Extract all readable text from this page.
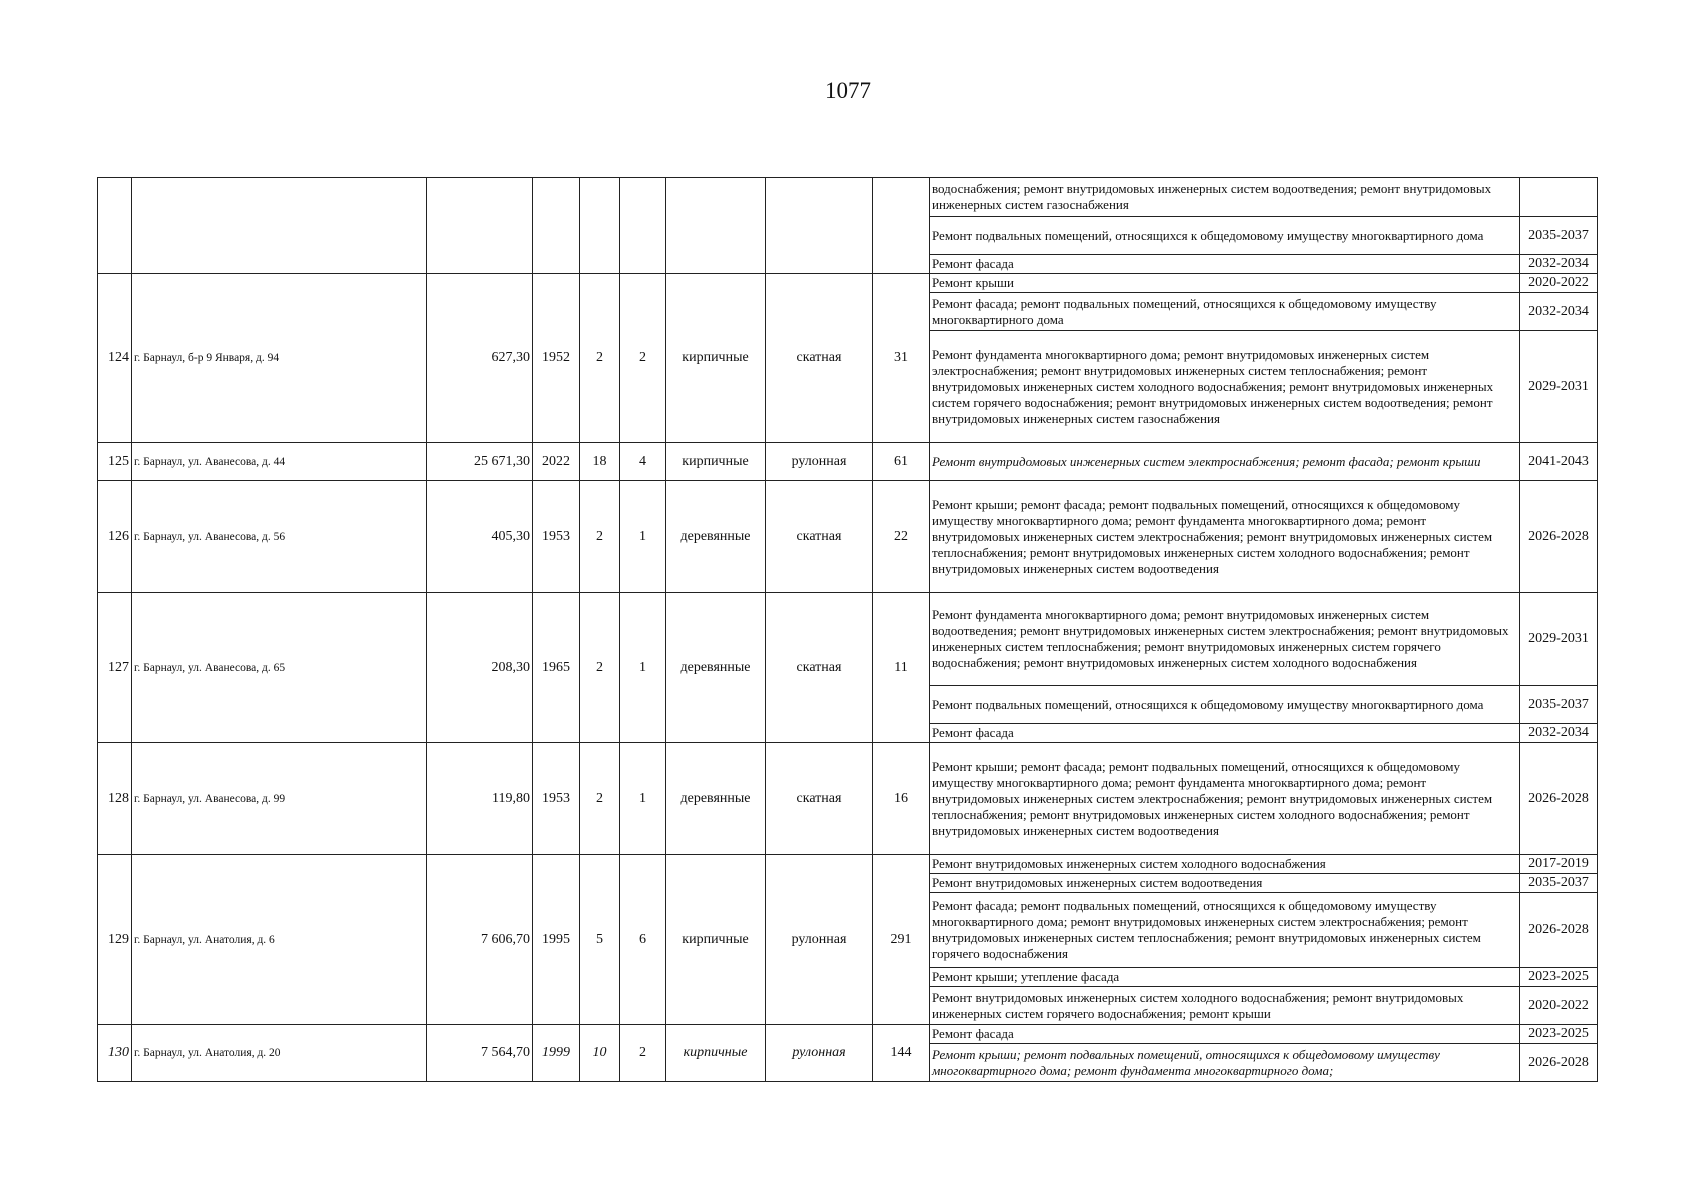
1077
									водоснабжения; ремонт внутридомовых инженерных систем водоотведения; ремонт внутридомовых инженерных систем газоснабжения	
									Ремонт подвальных помещений, относящихся к общедомовому имуществу многоквартирного дома	2035-2037
									Ремонт фасада	2032-2034
124	г. Барнаул, б-р 9 Января, д. 94	627,30	1952	2	2	кирпичные	скатная	31	Ремонт крыши	2020-2022
									Ремонт фасада; ремонт подвальных помещений, относящихся к общедомовому имуществу многоквартирного дома	2032-2034
									Ремонт фундамента многоквартирного дома; ремонт внутридомовых инженерных систем электроснабжения; ремонт внутридомовых инженерных систем теплоснабжения; ремонт внутридомовых инженерных систем холодного водоснабжения; ремонт внутридомовых инженерных систем горячего водоснабжения; ремонт внутридомовых инженерных систем водоотведения; ремонт внутридомовых инженерных систем газоснабжения	2029-2031
125	г. Барнаул, ул. Аванесова, д. 44	25 671,30	2022	18	4	кирпичные	рулонная	61	Ремонт внутридомовых инженерных систем электроснабжения; ремонт фасада; ремонт крыши	2041-2043
126	г. Барнаул, ул. Аванесова, д. 56	405,30	1953	2	1	деревянные	скатная	22	Ремонт крыши; ремонт фасада; ремонт подвальных помещений, относящихся к общедомовому имуществу многоквартирного дома; ремонт фундамента многоквартирного дома; ремонт внутридомовых инженерных систем электроснабжения; ремонт внутридомовых инженерных систем теплоснабжения; ремонт внутридомовых инженерных систем холодного водоснабжения; ремонт внутридомовых инженерных систем водоотведения	2026-2028
127	г. Барнаул, ул. Аванесова, д. 65	208,30	1965	2	1	деревянные	скатная	11	Ремонт фундамента многоквартирного дома; ремонт внутридомовых инженерных систем водоотведения; ремонт внутридомовых инженерных систем электроснабжения; ремонт внутридомовых инженерных систем теплоснабжения; ремонт внутридомовых инженерных систем горячего водоснабжения; ремонт внутридомовых инженерных систем холодного водоснабжения	2029-2031
									Ремонт подвальных помещений, относящихся к общедомовому имуществу многоквартирного дома	2035-2037
									Ремонт фасада	2032-2034
128	г. Барнаул, ул. Аванесова, д. 99	119,80	1953	2	1	деревянные	скатная	16	Ремонт крыши; ремонт фасада; ремонт подвальных помещений, относящихся к общедомовому имуществу многоквартирного дома; ремонт фундамента многоквартирного дома; ремонт внутридомовых инженерных систем электроснабжения; ремонт внутридомовых инженерных систем теплоснабжения; ремонт внутридомовых инженерных систем холодного водоснабжения; ремонт внутридомовых инженерных систем водоотведения	2026-2028
129	г. Барнаул, ул. Анатолия, д. 6	7 606,70	1995	5	6	кирпичные	рулонная	291	Ремонт внутридомовых инженерных систем холодного водоснабжения	2017-2019
									Ремонт внутридомовых инженерных систем водоотведения	2035-2037
									Ремонт фасада; ремонт подвальных помещений, относящихся к общедомовому имуществу многоквартирного дома; ремонт внутридомовых инженерных систем электроснабжения; ремонт внутридомовых инженерных систем теплоснабжения; ремонт внутридомовых инженерных систем горячего водоснабжения	2026-2028
									Ремонт крыши; утепление фасада	2023-2025
									Ремонт внутридомовых инженерных систем холодного водоснабжения; ремонт внутридомовых инженерных систем горячего водоснабжения; ремонт крыши	2020-2022
130	г. Барнаул, ул. Анатолия, д. 20	7 564,70	1999	10	2	кирпичные	рулонная	144	Ремонт фасада	2023-2025
									Ремонт крыши; ремонт подвальных помещений, относящихся к общедомовому имуществу многоквартирного дома; ремонт фундамента многоквартирного дома;	2026-2028
